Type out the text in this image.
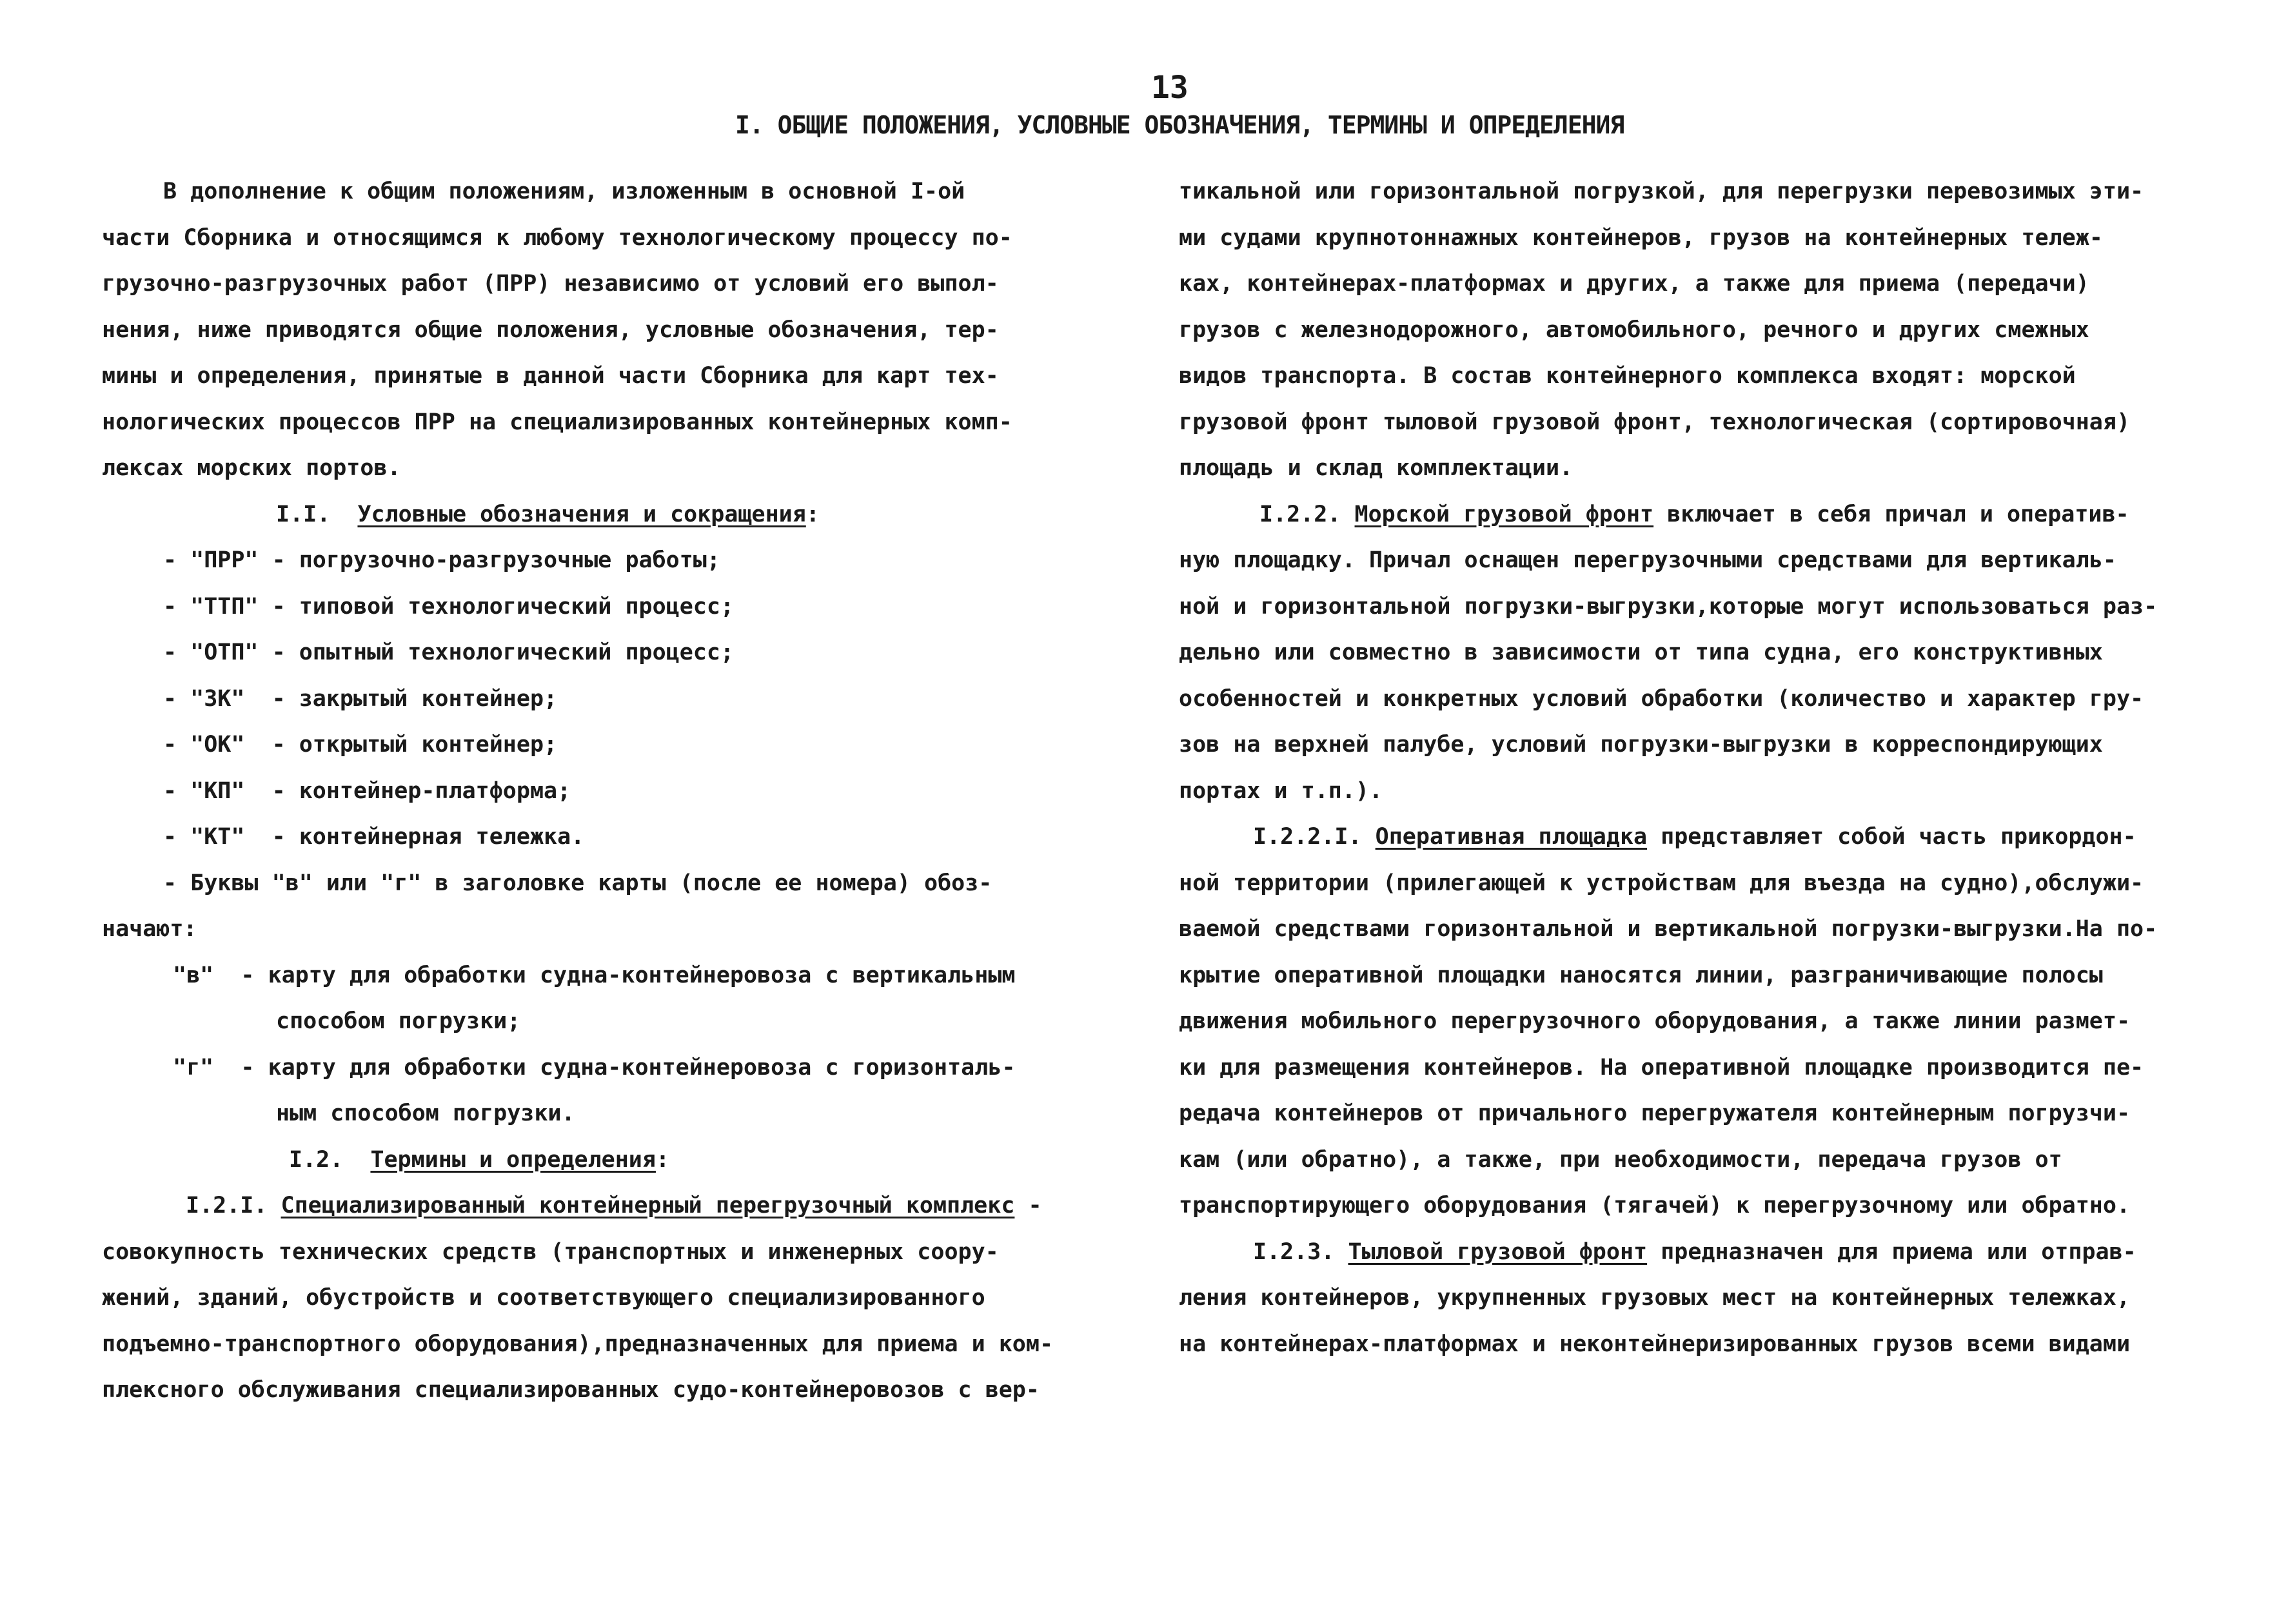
13
I. ОБЩИЕ ПОЛОЖЕНИЯ, УСЛОВНЫЕ ОБОЗНАЧЕНИЯ, ТЕРМИНЫ И ОПРЕДЕЛЕНИЯ
В дополнение к общим положениям, изложенным в основной I-ой
части Сборника и относящимся к любому технологическому процессу по-
грузочно-разгрузочных работ (ПРР) независимо от условий его выпол-
нения, ниже приводятся общие положения, условные обозначения, тер-
мины и определения, принятые в данной части Сборника для карт тех-
нологических процессов ПРР на специализированных контейнерных комп-
лексах морских портов.
I.I.  Условные обозначения и сокращения:
- "ПРР" - погрузочно-разгрузочные работы;
- "ТТП" - типовой технологический процесс;
- "ОТП" - опытный технологический процесс;
- "ЗК"  - закрытый контейнер;
- "ОК"  - открытый контейнер;
- "КП"  - контейнер-платформа;
- "КТ"  - контейнерная тележка.
- Буквы "в" или "г" в заголовке карты (после ее номера) обоз-
начают:
"в"  - карту для обработки судна-контейнеровоза с вертикальным
способом погрузки;
"г"  - карту для обработки судна-контейнеровоза с горизонталь-
ным способом погрузки.
I.2.  Термины и определения:
I.2.I. Специализированный контейнерный перегрузочный комплекс -
совокупность технических средств (транспортных и инженерных соору-
жений, зданий, обустройств и соответствующего специализированного
подъемно-транспортного оборудования),предназначенных для приема и ком-
плексного обслуживания специализированных судо-контейнеровозов с вер-
тикальной или горизонтальной погрузкой, для перегрузки перевозимых эти-
ми судами крупнотоннажных контейнеров, грузов на контейнерных тележ-
ках, контейнерах-платформах и других, а также для приема (передачи)
грузов с железнодорожного, автомобильного, речного и других смежных
видов транспорта. В состав контейнерного комплекса входят: морской
грузовой фронт тыловой грузовой фронт, технологическая (сортировочная)
площадь и склад комплектации.
I.2.2. Морской грузовой фронт включает в себя причал и оператив-
ную площадку. Причал оснащен перегрузочными средствами для вертикаль-
ной и горизонтальной погрузки-выгрузки,которые могут использоваться раз-
дельно или совместно в зависимости от типа судна, его конструктивных
особенностей и конкретных условий обработки (количество и характер гру-
зов на верхней палубе, условий погрузки-выгрузки в корреспондирующих
портах и т.п.).
I.2.2.I. Оперативная площадка представляет собой часть прикордон-
ной территории (прилегающей к устройствам для въезда на судно),обслужи-
ваемой средствами горизонтальной и вертикальной погрузки-выгрузки.На по-
крытие оперативной площадки наносятся линии, разграничивающие полосы
движения мобильного перегрузочного оборудования, а также линии размет-
ки для размещения контейнеров. На оперативной площадке производится пе-
редача контейнеров от причального перегружателя контейнерным погрузчи-
кам (или обратно), а также, при необходимости, передача грузов от
транспортирующего оборудования (тягачей) к перегрузочному или обратно.
I.2.3. Тыловой грузовой фронт предназначен для приема или отправ-
ления контейнеров, укрупненных грузовых мест на контейнерных тележках,
на контейнерах-платформах и неконтейнеризированных грузов всеми видами
